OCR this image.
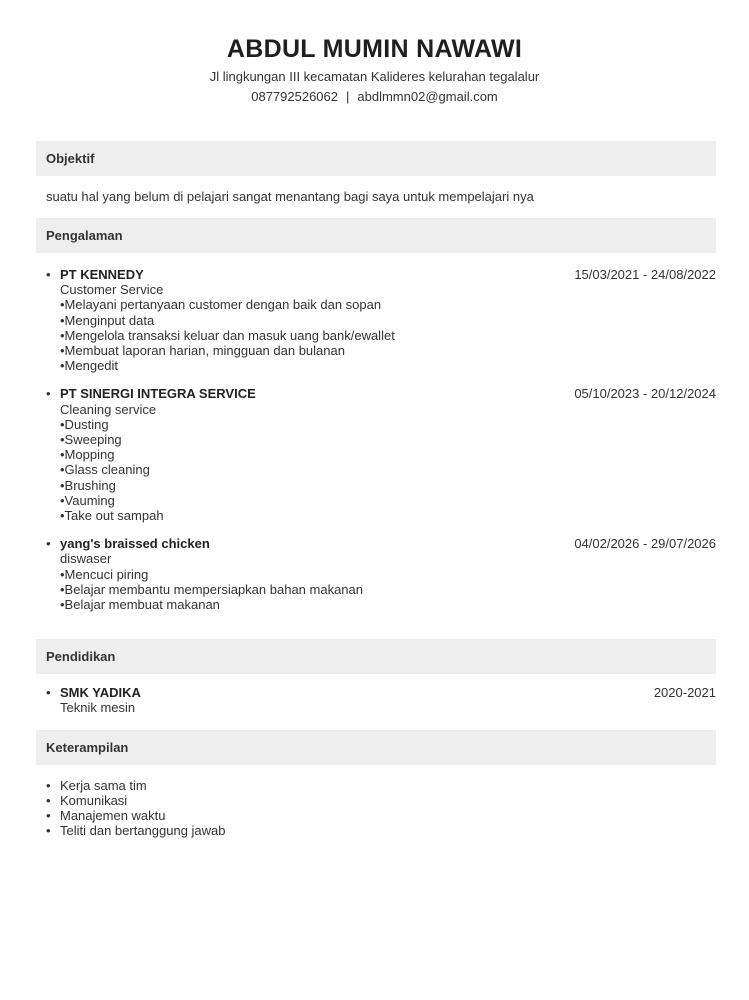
ABDUL MUMIN NAWAWI
Jl lingkungan III kecamatan Kalideres kelurahan tegalalur
087792526062 | abdlmmn02@gmail.com
Objektif
suatu hal yang belum di pelajari sangat menantang bagi saya untuk mempelajari nya
Pengalaman
• PT KENNEDY	15/03/2021 - 24/08/2022
Customer Service
•Melayani pertanyaan customer dengan baik dan sopan
•Menginput data
•Mengelola transaksi keluar dan masuk uang bank/ewallet
•Membuat laporan harian, mingguan dan bulanan
•Mengedit
• PT SINERGI INTEGRA SERVICE	05/10/2023 - 20/12/2024
Cleaning service
•Dusting
•Sweeping
•Mopping
•Glass cleaning
•Brushing
•Vauming
•Take out sampah
• yang's braissed chicken	04/02/2026 - 29/07/2026
diswaser
•Mencuci piring
•Belajar membantu mempersiapkan bahan makanan
•Belajar membuat makanan
Pendidikan
• SMK YADIKA	2020-2021
Teknik mesin
Keterampilan
• Kerja sama tim
• Komunikasi
• Manajemen waktu
• Teliti dan bertanggung jawab
